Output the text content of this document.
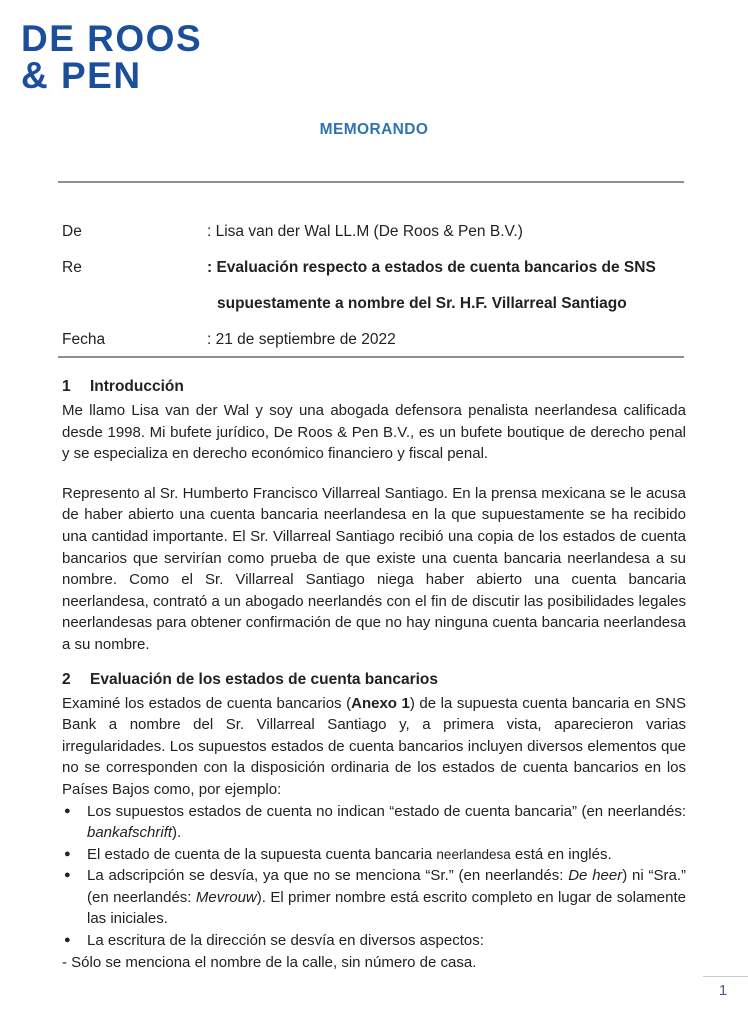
DE ROOS
& PEN
MEMORANDO
De	: Lisa van der Wal LL.M (De Roos & Pen B.V.)
Re	: Evaluación respecto a estados de cuenta bancarios de SNS
supuestamente a nombre del Sr. H.F. Villarreal Santiago
Fecha	: 21 de septiembre de 2022
1 Introducción

Me llamo Lisa van der Wal y soy una abogada defensora penalista neerlandesa calificada desde 1998. Mi bufete jurídico, De Roos & Pen B.V., es un bufete boutique de derecho penal y se especializa en derecho económico financiero y fiscal penal.

Represento al Sr. Humberto Francisco Villarreal Santiago. En la prensa mexicana se le acusa de haber abierto una cuenta bancaria neerlandesa en la que supuestamente se ha recibido una cantidad importante. El Sr. Villarreal Santiago recibió una copia de los estados de cuenta bancarios que servirían como prueba de que existe una cuenta bancaria neerlandesa a su nombre. Como el Sr. Villarreal Santiago niega haber abierto una cuenta bancaria neerlandesa, contrató a un abogado neerlandés con el fin de discutir las posibilidades legales neerlandesas para obtener confirmación de que no hay ninguna cuenta bancaria neerlandesa a su nombre.

2 Evaluación de los estados de cuenta bancarios

Examiné los estados de cuenta bancarios (Anexo 1) de la supuesta cuenta bancaria en SNS Bank a nombre del Sr. Villarreal Santiago y, a primera vista, aparecieron varias irregularidades. Los supuestos estados de cuenta bancarios incluyen diversos elementos que no se corresponden con la disposición ordinaria de los estados de cuenta bancarios en los Países Bajos como, por ejemplo:

●	Los supuestos estados de cuenta no indican “estado de cuenta bancaria” (en neerlandés: bankafschrift).
●	El estado de cuenta de la supuesta cuenta bancaria neerlandesa está en inglés.
●	La adscripción se desvía, ya que no se menciona “Sr.” (en neerlandés: De heer) ni “Sra.” (en neerlandés: Mevrouw). El primer nombre está escrito completo en lugar de solamente las iniciales.
●	La escritura de la dirección se desvía en diversos aspectos:
- Sólo se menciona el nombre de la calle, sin número de casa.
1
